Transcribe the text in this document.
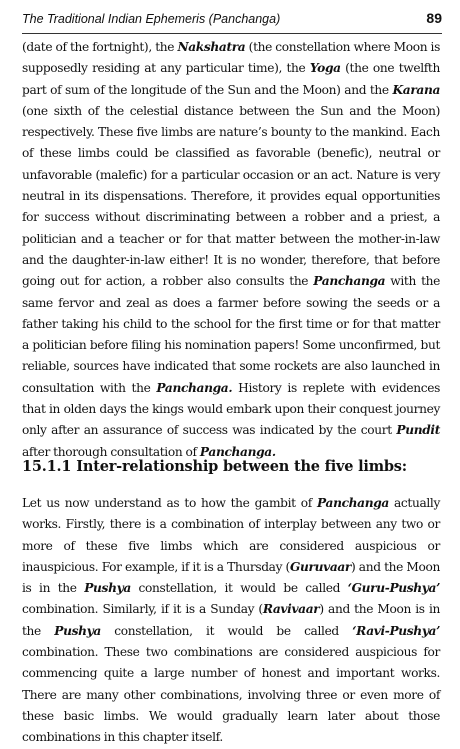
The Traditional Indian Ephemeris (Panchanga)	89
(date of the fortnight), the Nakshatra (the constellation where Moon is supposedly residing at any particular time), the Yoga (the one twelfth part of sum of the longitude of the Sun and the Moon) and the Karana (one sixth of the celestial distance between the Sun and the Moon) respectively. These five limbs are nature’s bounty to the mankind. Each of these limbs could be classified as favorable (benefic), neutral or unfavorable (malefic) for a particular occasion or an act. Nature is very neutral in its dispensations. Therefore, it provides equal opportunities for success without discriminating between a robber and a priest, a politician and a teacher or for that matter between the mother-in-law and the daughter-in-law either! It is no wonder, therefore, that before going out for action, a robber also consults the Panchanga with the same fervor and zeal as does a farmer before sowing the seeds or a father taking his child to the school for the first time or for that matter a politician before filing his nomination papers! Some unconfirmed, but reliable, sources have indicated that some rockets are also launched in consultation with the Panchanga. History is replete with evidences that in olden days the kings would embark upon their conquest journey only after an assurance of success was indicated by the court Pundit after thorough consultation of Panchanga.
15.1.1 Inter-relationship between the five limbs:
Let us now understand as to how the gambit of Panchanga actually works. Firstly, there is a combination of interplay between any two or more of these five limbs which are considered auspicious or inauspicious. For example, if it is a Thursday (Guruvaar) and the Moon is in the Pushya constellation, it would be called ‘Guru-Pushya’ combination. Similarly, if it is a Sunday (Ravivaar) and the Moon is in the Pushya constellation, it would be called ‘Ravi-Pushya’ combination. These two combinations are considered auspicious for commencing quite a large number of honest and important works. There are many other combinations, involving three or even more of these basic limbs. We would gradually learn later about those combinations in this chapter itself.
